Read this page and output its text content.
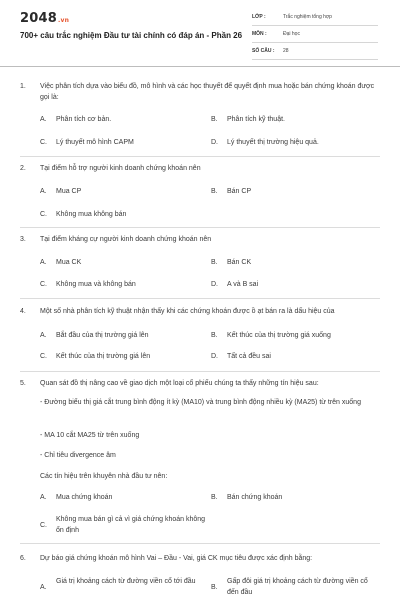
2048.vn
700+ câu trắc nghiệm Đầu tư tài chính có đáp án - Phần 26
LỚP :	Trắc nghiệm tổng hợp
MÔN :	Đại học
SỐ CÂU : 28
1. Việc phân tích dựa vào biểu đồ, mô hình và các học thuyết để quyết định mua hoặc bán chứng khoán được gọi là:
A. Phân tích cơ bản.	B. Phân tích kỹ thuật.
C. Lý thuyết mô hình CAPM	D. Lý thuyết thị trường hiệu quả.
2. Tại điểm hỗ trợ người kinh doanh chứng khoán nên
A. Mua CP	B. Bán CP
C. Không mua không bán
3. Tại điểm kháng cự người kinh doanh chứng khoán nên
A. Mua CK	B. Bán CK
C. Không mua và không bán	D. A và B sai
4. Một số nhà phân tích kỹ thuật nhận thấy khi các chứng khoán được ồ ạt bán ra là dấu hiệu của
A. Bắt đầu của thị trường giá lên	B. Kết thúc của thị trường giá xuống
C. Kết thúc của thị trường giá lên	D. Tất cả đều sai
5. Quan sát đồ thị nâng cao về giao dịch một loại cổ phiếu chúng ta thấy những tín hiệu sau:
- Đường biểu thị giá cắt trung bình động ít kỳ (MA10) và trung bình động nhiều kỳ (MA25) từ trên xuống
- MA 10 cắt MA25 từ trên xuống
- Chỉ tiêu divergence âm
Các tín hiệu trên khuyên nhà đầu tư nên:
A. Mua chứng khoán	B. Bán chứng khoán
C.
Không mua bán gì cả vì giá chứng khoán không ổn định
6. Dự báo giá chứng khoán mô hình Vai – Đầu - Vai, giá CK mục tiêu được xác định bằng:
A.
Giá trị khoảng cách từ đường viền cổ tới đầu
B.
Gấp đôi giá trị khoảng cách từ đường viền cổ đến đầu
